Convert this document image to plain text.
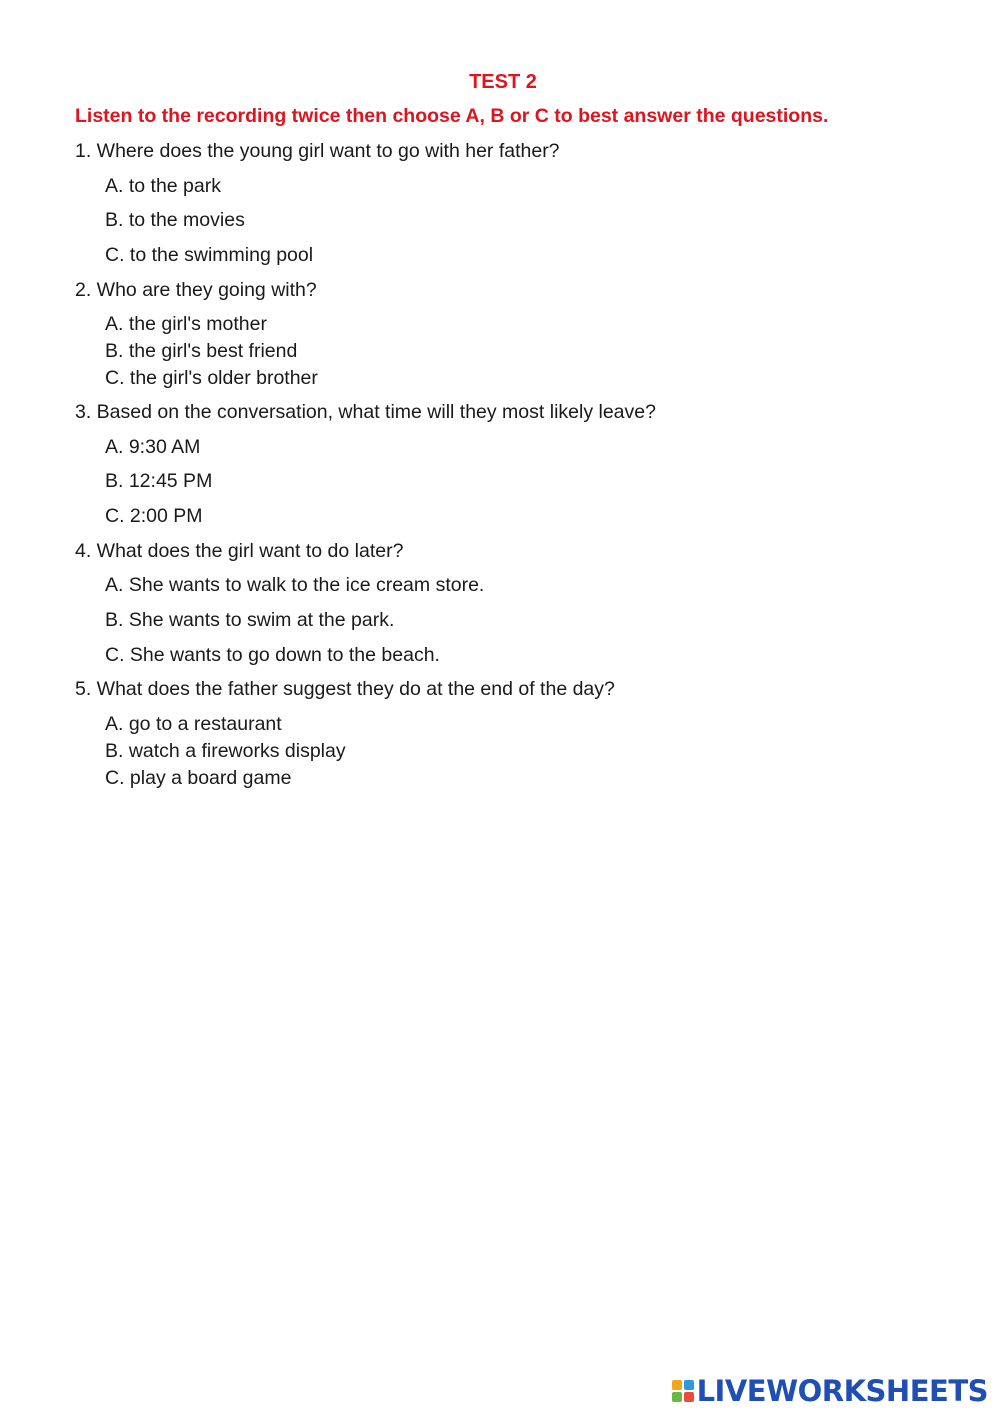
TEST 2
Listen to the recording twice then choose A, B or C to best answer the questions.
1. Where does the young girl want to go with her father?
A. to the park
B. to the movies
C. to the swimming pool
2. Who are they going with?
A. the girl's mother
B. the girl's best friend
C. the girl's older brother
3. Based on the conversation, what time will they most likely leave?
A. 9:30 AM
B. 12:45 PM
C. 2:00 PM
4. What does the girl want to do later?
A. She wants to walk to the ice cream store.
B. She wants to swim at the park.
C. She wants to go down to the beach.
5. What does the father suggest they do at the end of the day?
A. go to a restaurant
B. watch a fireworks display
C. play a board game
LIVEWORKSHEETS
